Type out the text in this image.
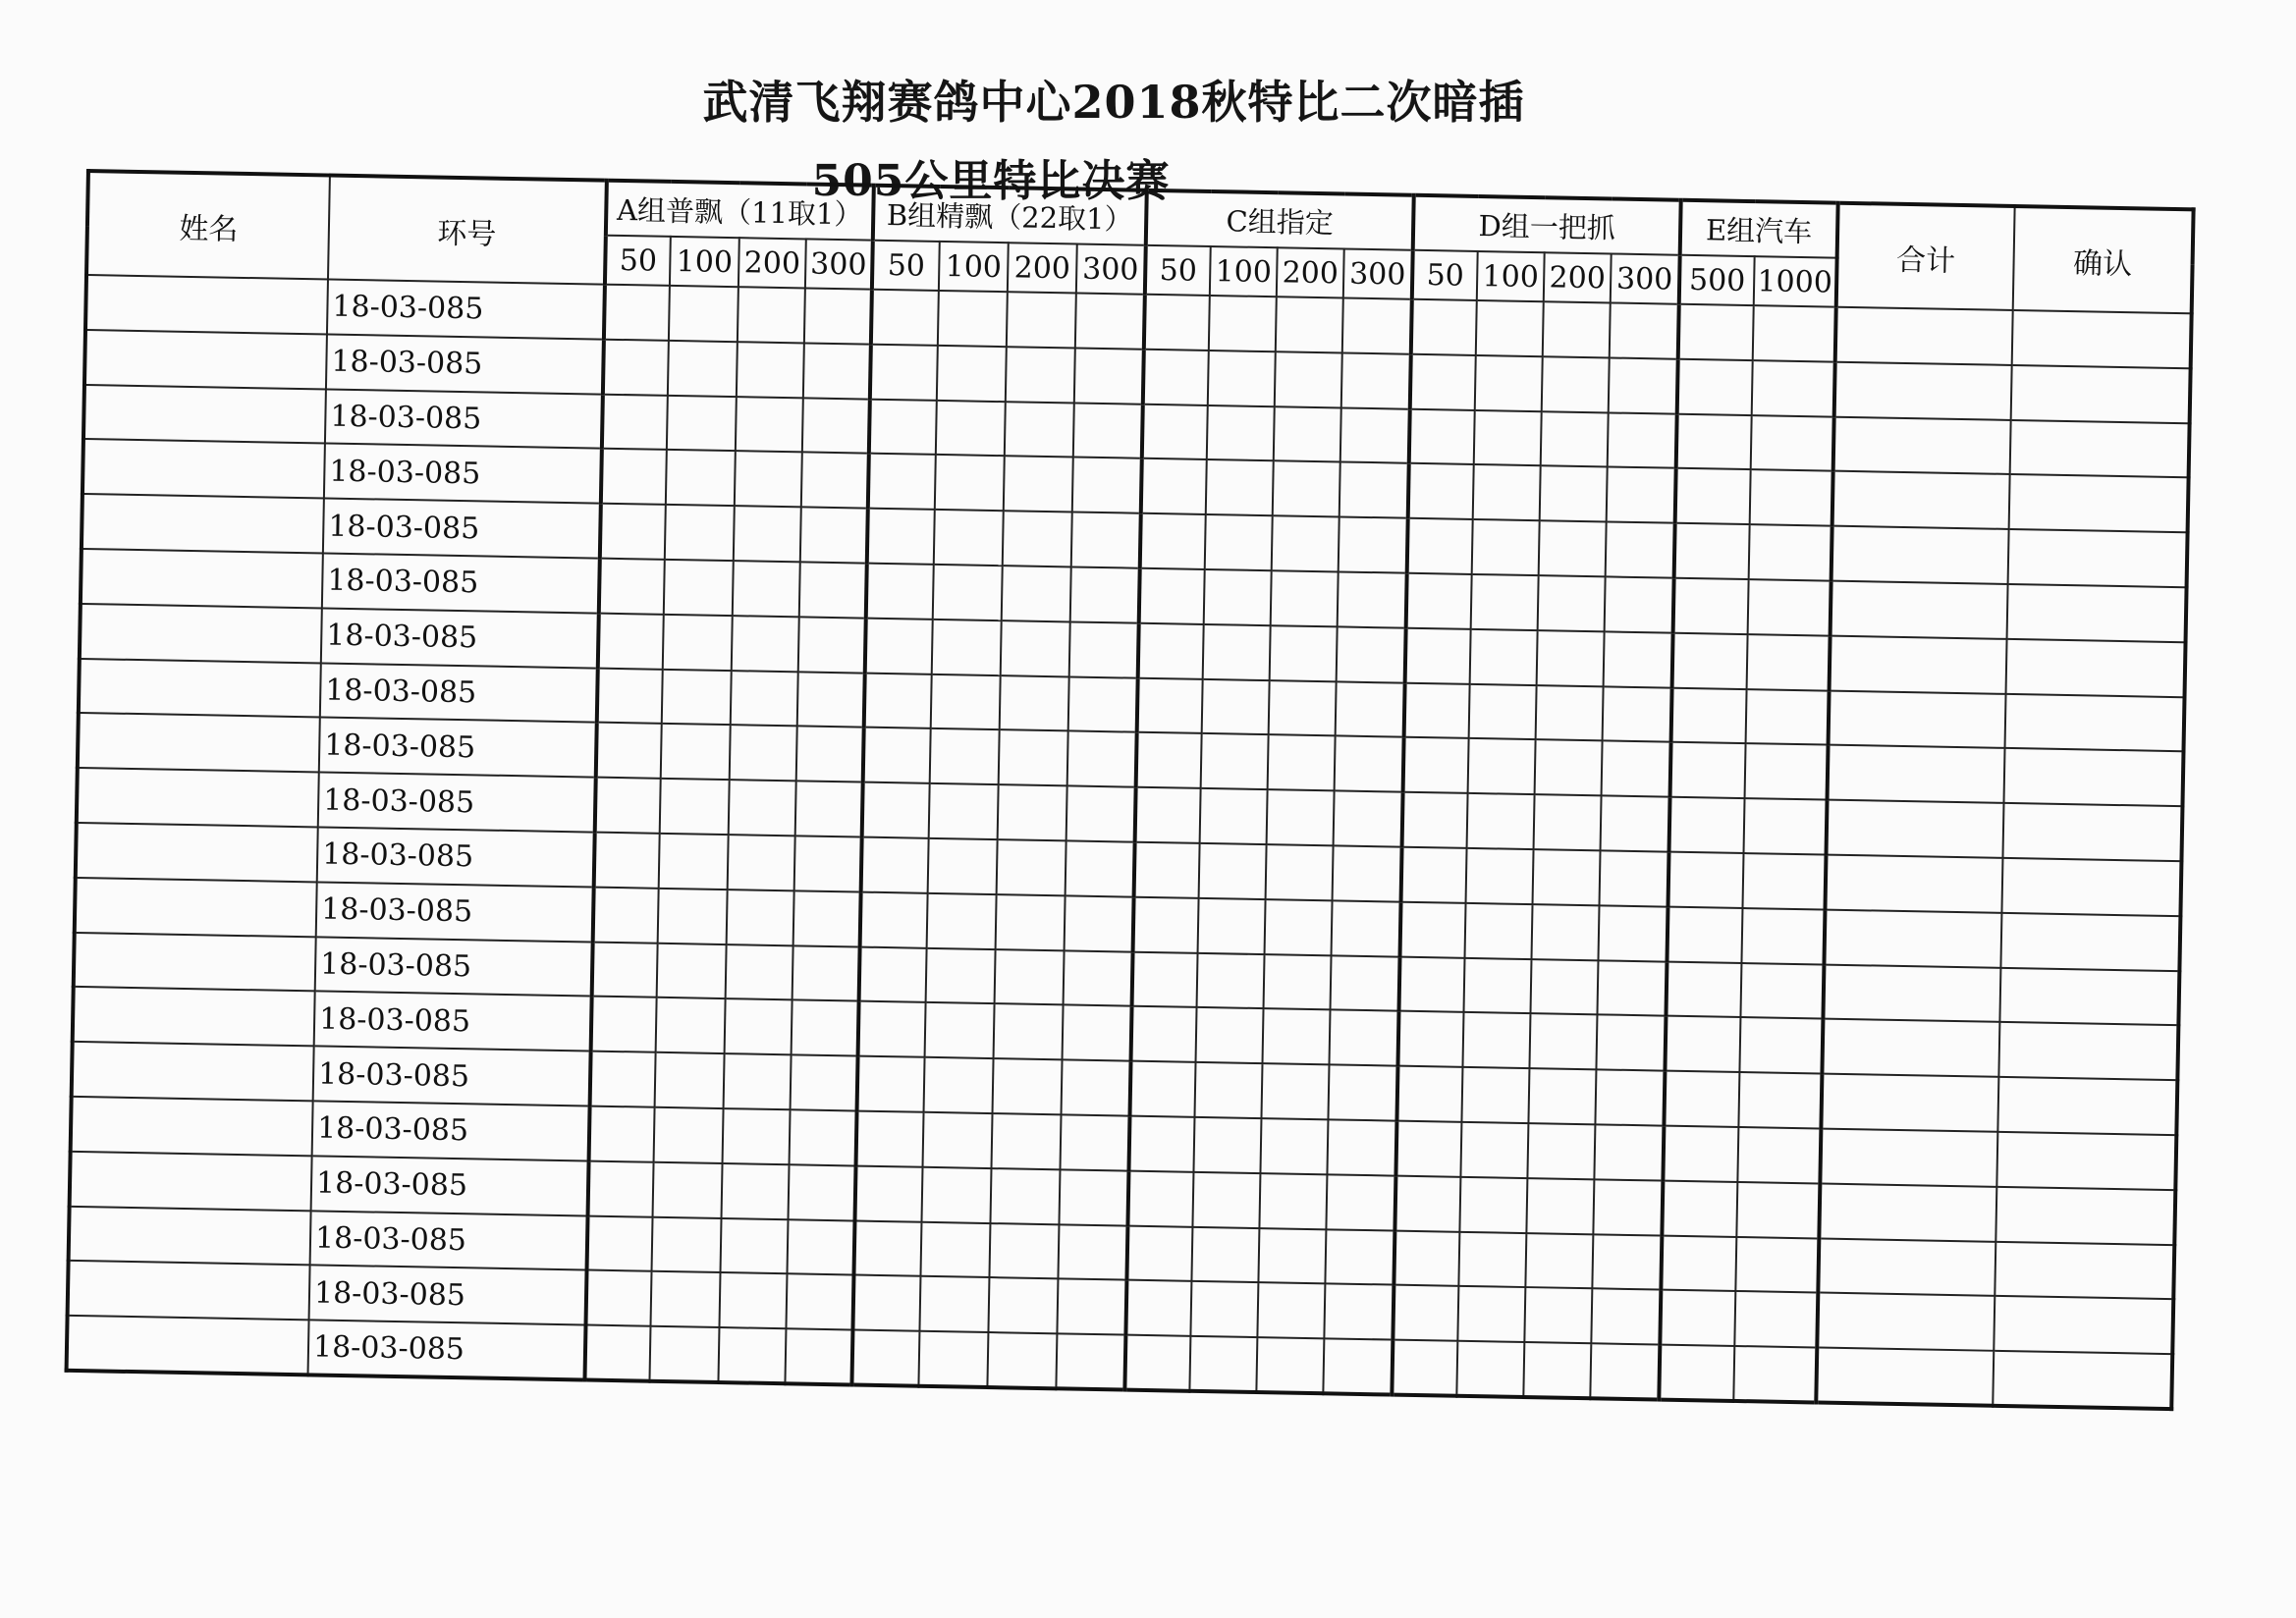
武清飞翔赛鸽中心2018秋特比二次暗插
505公里特比决赛
姓名	环号	A组普飘（11取1）				B组精飘（22取1）				C组指定				D组一把抓				E组汽车		合计	确认
		50	100	200	300	50	100	200	300	50	100	200	300	50	100	200	300	500	1000		
	18-03-085																				
	18-03-085																				
	18-03-085																				
	18-03-085																				
	18-03-085																				
	18-03-085																				
	18-03-085																				
	18-03-085																				
	18-03-085																				
	18-03-085																				
	18-03-085																				
	18-03-085																				
	18-03-085																				
	18-03-085																				
	18-03-085																				
	18-03-085																				
	18-03-085																				
	18-03-085																				
	18-03-085																				
	18-03-085																				
